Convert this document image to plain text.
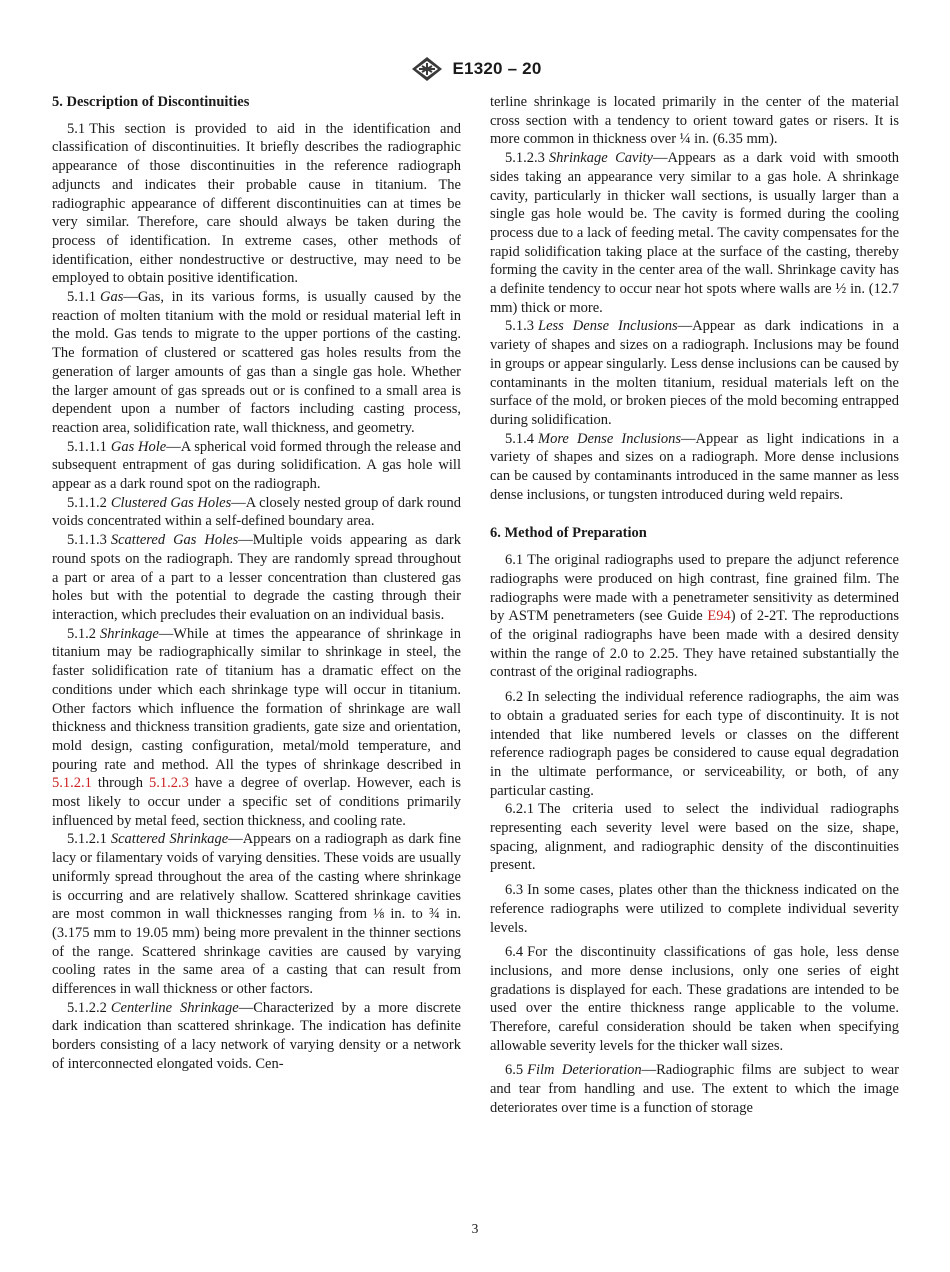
E1320 – 20
5. Description of Discontinuities

5.1 This section is provided to aid in the identification and classification of discontinuities. It briefly describes the radiographic appearance of those discontinuities in the reference radiograph adjuncts and indicates their probable cause in titanium. The radiographic appearance of different discontinuities can at times be very similar. Therefore, care should always be taken during the process of identification. In extreme cases, other methods of identification, either nondestructive or destructive, may need to be employed to obtain positive identification.

5.1.1 Gas—Gas, in its various forms, is usually caused by the reaction of molten titanium with the mold or residual material left in the mold. Gas tends to migrate to the upper portions of the casting. The formation of clustered or scattered gas holes results from the generation of larger amounts of gas than a single gas hole. Whether the larger amount of gas spreads out or is confined to a small area is dependent upon a number of factors including casting process, reaction area, solidification rate, wall thickness, and geometry.

5.1.1.1 Gas Hole—A spherical void formed through the release and subsequent entrapment of gas during solidification. A gas hole will appear as a dark round spot on the radiograph.

5.1.1.2 Clustered Gas Holes—A closely nested group of dark round voids concentrated within a self-defined boundary area.

5.1.1.3 Scattered Gas Holes—Multiple voids appearing as dark round spots on the radiograph. They are randomly spread throughout a part or area of a part to a lesser concentration than clustered gas holes but with the potential to degrade the casting through their interaction, which precludes their evaluation on an individual basis.

5.1.2 Shrinkage—While at times the appearance of shrinkage in titanium may be radiographically similar to shrinkage in steel, the faster solidification rate of titanium has a dramatic effect on the conditions under which each shrinkage type will occur in titanium. Other factors which influence the formation of shrinkage are wall thickness and thickness transition gradients, gate size and orientation, mold design, casting configuration, metal/mold temperature, and pouring rate and method. All the types of shrinkage described in 5.1.2.1 through 5.1.2.3 have a degree of overlap. However, each is most likely to occur under a specific set of conditions primarily influenced by metal feed, section thickness, and cooling rate.

5.1.2.1 Scattered Shrinkage—Appears on a radiograph as dark fine lacy or filamentary voids of varying densities. These voids are usually uniformly spread throughout the area of the casting where shrinkage is occurring and are relatively shallow. Scattered shrinkage cavities are most common in wall thicknesses ranging from ⅛ in. to ¾ in. (3.175 mm to 19.05 mm) being more prevalent in the thinner sections of the range. Scattered shrinkage cavities are caused by varying cooling rates in the same area of a casting that can result from differences in wall thickness or other factors.

5.1.2.2 Centerline Shrinkage—Characterized by a more discrete dark indication than scattered shrinkage. The indication has definite borders consisting of a lacy network of varying density or a network of interconnected elongated voids. Cen-

terline shrinkage is located primarily in the center of the material cross section with a tendency to orient toward gates or risers. It is more common in thickness over ¼ in. (6.35 mm).

5.1.2.3 Shrinkage Cavity—Appears as a dark void with smooth sides taking an appearance very similar to a gas hole. A shrinkage cavity, particularly in thicker wall sections, is usually larger than a single gas hole would be. The cavity is formed during the cooling process due to a lack of feeding metal. The cavity compensates for the rapid solidification taking place at the surface of the casting, thereby forming the cavity in the center area of the wall. Shrinkage cavity has a definite tendency to occur near hot spots where walls are ½ in. (12.7 mm) thick or more.

5.1.3 Less Dense Inclusions—Appear as dark indications in a variety of shapes and sizes on a radiograph. Inclusions may be found in groups or appear singularly. Less dense inclusions can be caused by contaminants in the molten titanium, residual materials left on the surface of the mold, or broken pieces of the mold becoming entrapped during solidification.

5.1.4 More Dense Inclusions—Appear as light indications in a variety of shapes and sizes on a radiograph. More dense inclusions can be caused by contaminants introduced in the same manner as less dense inclusions, or tungsten introduced during weld repairs.

6. Method of Preparation

6.1 The original radiographs used to prepare the adjunct reference radiographs were produced on high contrast, fine grained film. The radiographs were made with a penetrameter sensitivity as determined by ASTM penetrameters (see Guide E94) of 2-2T. The reproductions of the original radiographs have been made with a desired density within the range of 2.0 to 2.25. They have retained substantially the contrast of the original radiographs.

6.2 In selecting the individual reference radiographs, the aim was to obtain a graduated series for each type of discontinuity. It is not intended that like numbered levels or classes on the different reference radiograph pages be considered to cause equal degradation in the ultimate performance, or serviceability, or both, of any particular casting.

6.2.1 The criteria used to select the individual radiographs representing each severity level were based on the size, shape, spacing, alignment, and radiographic density of the discontinuities present.

6.3 In some cases, plates other than the thickness indicated on the reference radiographs were utilized to complete individual severity levels.

6.4 For the discontinuity classifications of gas hole, less dense inclusions, and more dense inclusions, only one series of eight gradations is displayed for each. These gradations are intended to be used over the entire thickness range applicable to the volume. Therefore, careful consideration should be taken when specifying allowable severity levels for the thicker wall sizes.

6.5 Film Deterioration—Radiographic films are subject to wear and tear from handling and use. The extent to which the image deteriorates over time is a function of storage

3
